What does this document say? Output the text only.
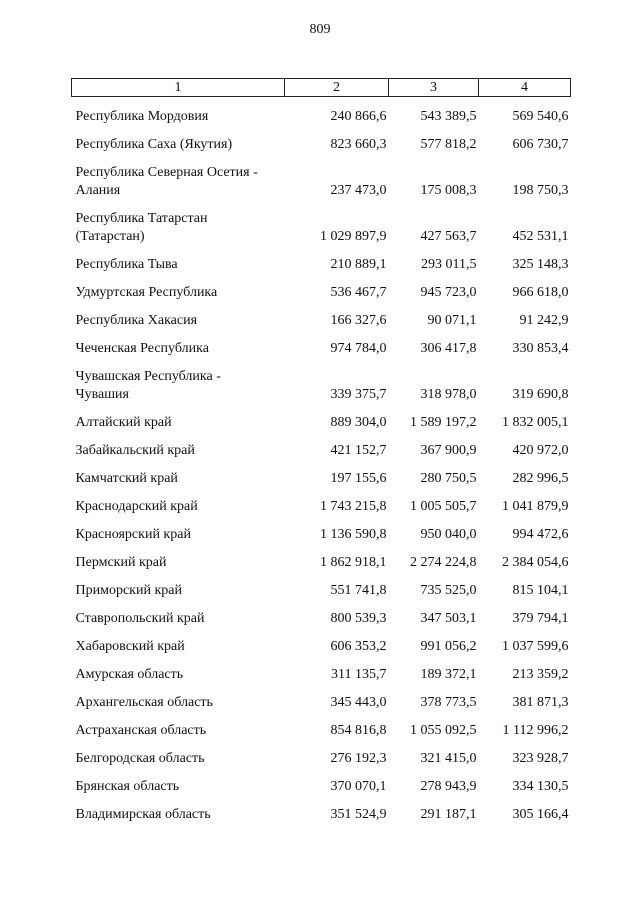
809
1	2	3	4

Республика Мордовия	240 866,6	543 389,5	569 540,6

Республика Саха (Якутия)	823 660,3	577 818,2	606 730,7

Республика Северная Осетия -
Алания	237 473,0	175 008,3	198 750,3

Республика Татарстан
(Татарстан)	1 029 897,9	427 563,7	452 531,1

Республика Тыва	210 889,1	293 011,5	325 148,3

Удмуртская Республика	536 467,7	945 723,0	966 618,0

Республика Хакасия	166 327,6	90 071,1	91 242,9

Чеченская Республика	974 784,0	306 417,8	330 853,4

Чувашская Республика -
Чувашия	339 375,7	318 978,0	319 690,8

Алтайский край	889 304,0	1 589 197,2	1 832 005,1

Забайкальский край	421 152,7	367 900,9	420 972,0

Камчатский край	197 155,6	280 750,5	282 996,5

Краснодарский край	1 743 215,8	1 005 505,7	1 041 879,9

Красноярский край	1 136 590,8	950 040,0	994 472,6

Пермский край	1 862 918,1	2 274 224,8	2 384 054,6

Приморский край	551 741,8	735 525,0	815 104,1

Ставропольский край	800 539,3	347 503,1	379 794,1

Хабаровский край	606 353,2	991 056,2	1 037 599,6

Амурская область	311 135,7	189 372,1	213 359,2

Архангельская область	345 443,0	378 773,5	381 871,3

Астраханская область	854 816,8	1 055 092,5	1 112 996,2

Белгородская область	276 192,3	321 415,0	323 928,7

Брянская область	370 070,1	278 943,9	334 130,5

Владимирская область	351 524,9	291 187,1	305 166,4
